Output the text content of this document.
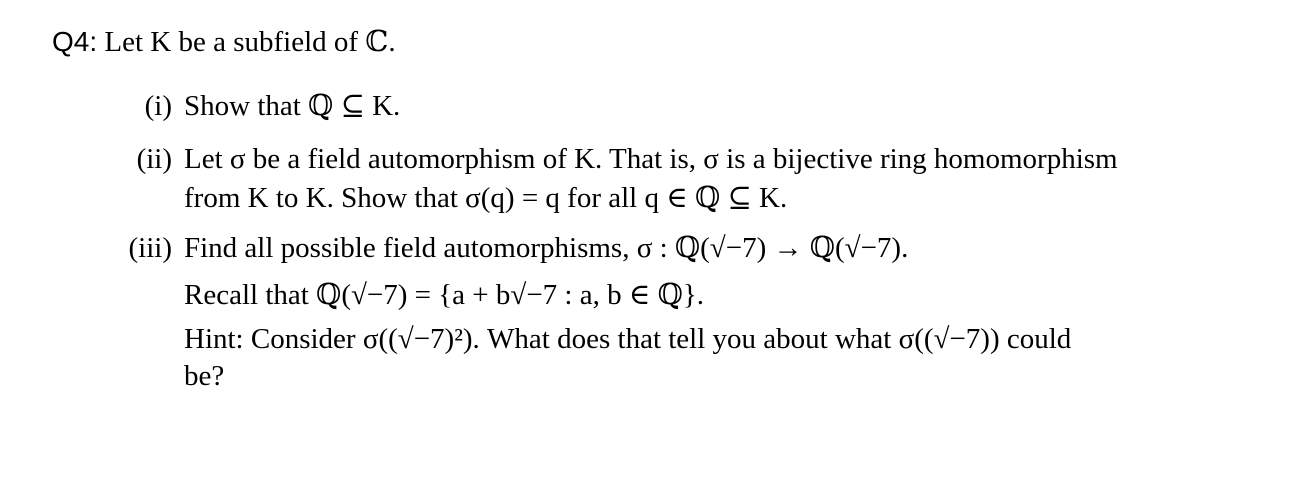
Q4: Let K be a subfield of ℂ.
(i) Show that ℚ ⊆ K.
(ii) Let σ be a field automorphism of K. That is, σ is a bijective ring homomorphism
from K to K. Show that σ(q) = q for all q ∈ ℚ ⊆ K.
(iii) Find all possible field automorphisms, σ : ℚ(√−7) → ℚ(√−7).
Recall that ℚ(√−7) = {a + b√−7 : a, b ∈ ℚ}.
Hint: Consider σ((√−7)²). What does that tell you about what σ((√−7)) could
be?
